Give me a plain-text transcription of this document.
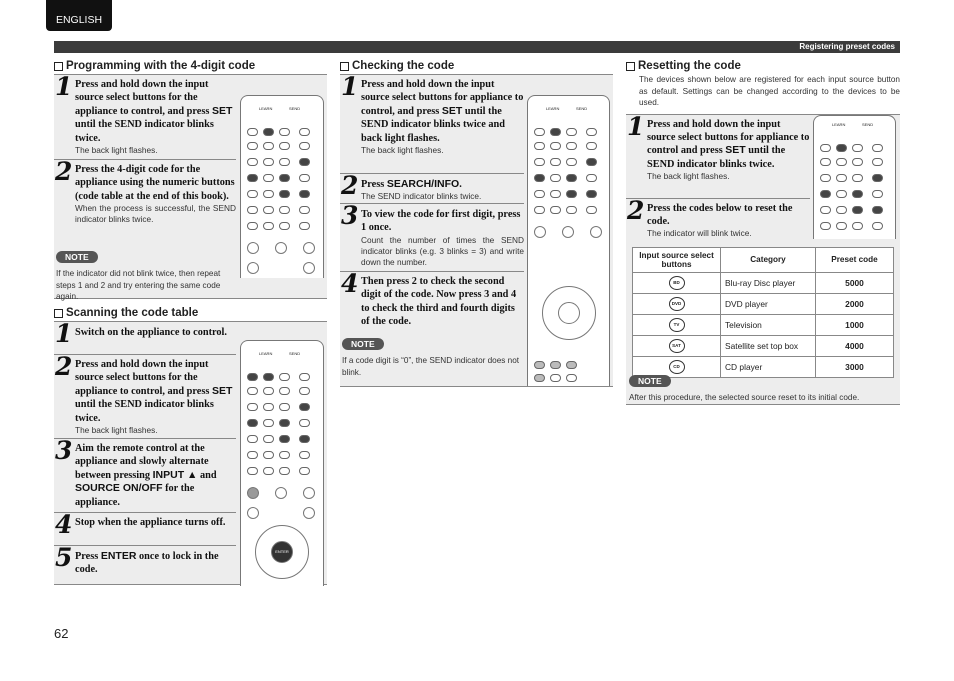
ENGLISH
Registering preset codes
Programming with the 4-digit code
1 Press and hold down the input source select buttons for the appliance to control, and press SET until the SEND indicator blinks twice.
The back light flashes.
2 Press the 4-digit code for the appliance using the numeric buttons (code table at the end of this book).
When the process is successful, the SEND indicator blinks twice.
NOTE
If the indicator did not blink twice, then repeat steps 1 and 2 and try entering the same code again.
LEARN	SEND
Scanning the code table
1 Switch on the appliance to control.
2 Press and hold down the input source select buttons for the appliance to control, and press SET until the SEND indicator blinks twice.
The back light flashes.
3 Aim the remote control at the appliance and slowly alternate between pressing INPUT ▲ and SOURCE ON/OFF for the appliance.
4 Stop when the appliance turns off.
5 Press ENTER once to lock in the code.
LEARN	SEND
ENTER
Checking the code
1 Press and hold down the input source select buttons for appliance to control, and press SET until the SEND indicator blinks twice and back light flashes.
The back light flashes.
2 Press SEARCH/INFO.
The SEND indicator blinks twice.
3 To view the code for first digit, press 1 once.
Count the number of times the SEND indicator blinks (e.g. 3 blinks = 3) and write down the number.
4 Then press 2 to check the second digit of the code. Now press 3 and 4 to check the third and fourth digits of the code.
NOTE
If a code digit is “0”, the SEND indicator does not blink.
LEARN	SEND
Resetting the code
The devices shown below are registered for each input source button as default. Settings can be changed according to the devices to be used.
1 Press and hold down the input source select buttons for appliance to control and press SET until the SEND indicator blinks twice.
The back light flashes.
2 Press the codes below to reset the code.
The indicator will blink twice.
LEARN	SEND
Input source select buttons	Category	Preset code
BD	Blu-ray Disc player	5000
DVD	DVD player	2000
TV	Television	1000
SAT	Satellite set top box	4000
CD	CD player	3000
NOTE
After this procedure, the selected source reset to its initial code.
62
